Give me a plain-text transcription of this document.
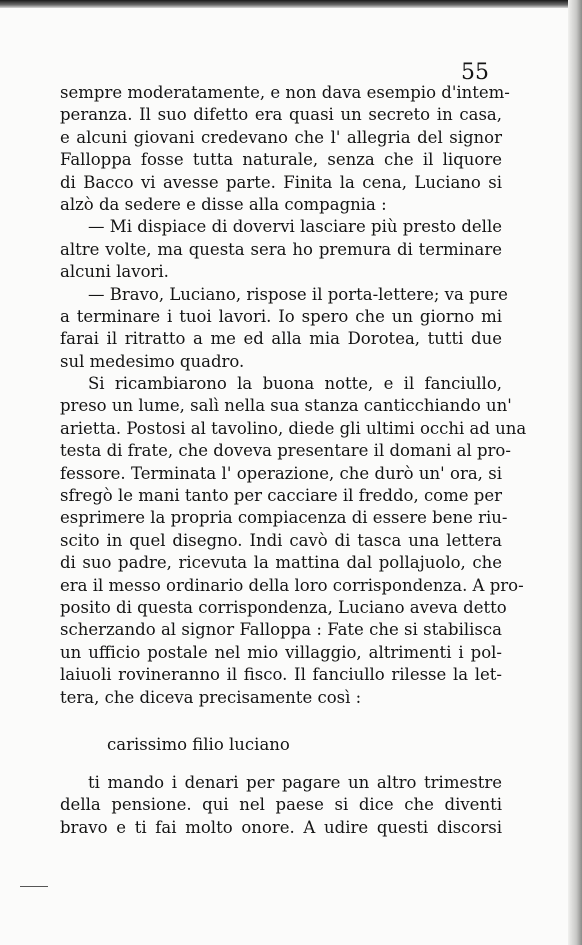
55
sempre moderatamente, e non dava esempio d'intem-
peranza. Il suo difetto era quasi un secreto in casa,
e alcuni giovani credevano che l' allegria del signor
Falloppa fosse tutta naturale, senza che il liquore
di Bacco vi avesse parte. Finita la cena, Luciano si
alzò da sedere e disse alla compagnia :
— Mi dispiace di dovervi lasciare più presto delle
altre volte, ma questa sera ho premura di terminare
alcuni lavori.
— Bravo, Luciano, rispose il porta-lettere; va pure
a terminare i tuoi lavori. Io spero che un giorno mi
farai il ritratto a me ed alla mia Dorotea, tutti due
sul medesimo quadro.
Si ricambiarono la buona notte, e il fanciullo,
preso un lume, salì nella sua stanza canticchiando un'
arietta. Postosi al tavolino, diede gli ultimi occhi ad una
testa di frate, che doveva presentare il domani al pro-
fessore. Terminata l' operazione, che durò un' ora, si
sfregò le mani tanto per cacciare il freddo, come per
esprimere la propria compiacenza di essere bene riu-
scito in quel disegno. Indi cavò di tasca una lettera
di suo padre, ricevuta la mattina dal pollajuolo, che
era il messo ordinario della loro corrispondenza. A pro-
posito di questa corrispondenza, Luciano aveva detto
scherzando al signor Falloppa : Fate che si stabilisca
un ufficio postale nel mio villaggio, altrimenti i pol-
laiuoli rovineranno il fisco. Il fanciullo rilesse la let-
tera, che diceva precisamente così :
carissimo filio luciano
ti mando i denari per pagare un altro trimestre
della pensione. qui nel paese si dice che diventi
bravo e ti fai molto onore. A udire questi discorsi
